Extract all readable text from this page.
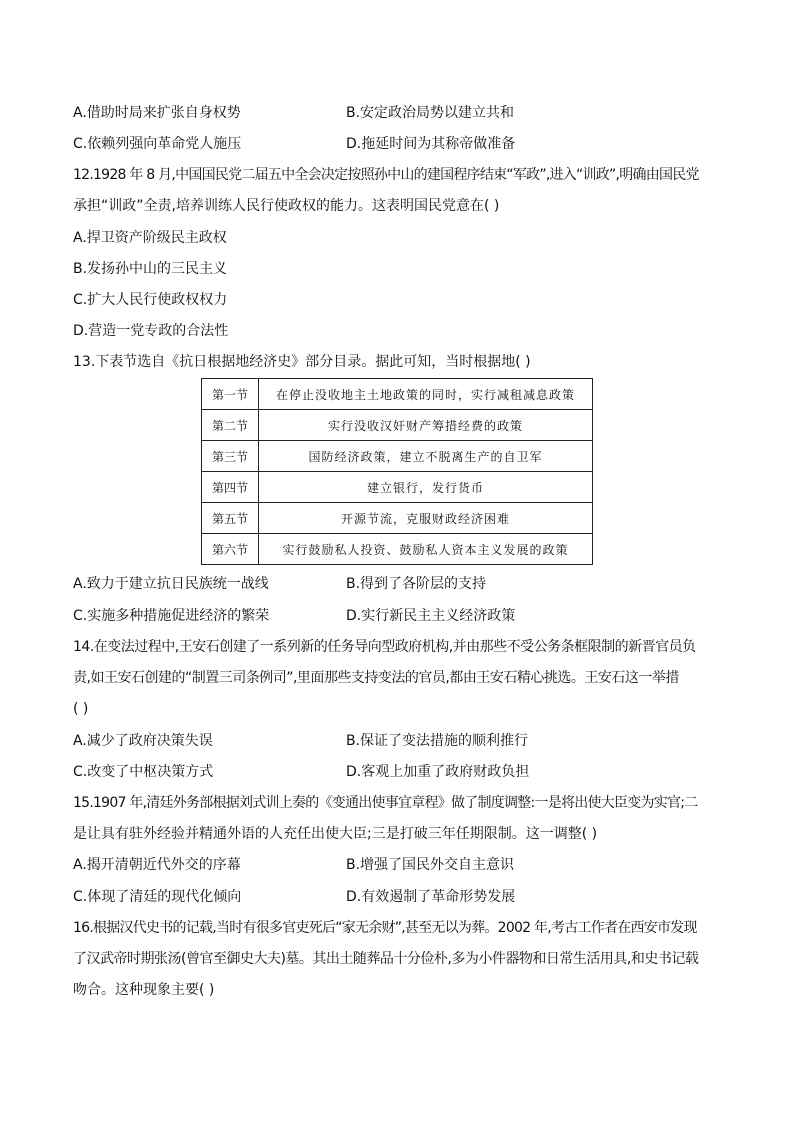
A.借助时局来扩张自身权势	B.安定政治局势以建立共和
C.依赖列强向革命党人施压	D.拖延时间为其称帝做准备
12.1928 年 8 月,中国国民党二届五中全会决定按照孙中山的建国程序结束“军政”,进入“训政”,明确由国民党
承担“训政”全责,培养训练人民行使政权的能力。这表明国民党意在( )
A.捍卫资产阶级民主政权
B.发扬孙中山的三民主义
C.扩大人民行使政权权力
D.营造一党专政的合法性
13.下表节选自《抗日根据地经济史》部分目录。据此可知，当时根据地( )
第一节	在停止没收地主土地政策的同时，实行减租减息政策
第二节	实行没收汉奸财产筹措经费的政策
第三节	国防经济政策，建立不脱离生产的自卫军
第四节	建立银行，发行货币
第五节	开源节流，克服财政经济困难
第六节	实行鼓励私人投资、鼓励私人资本主义发展的政策
A.致力于建立抗日民族统一战线	B.得到了各阶层的支持
C.实施多种措施促进经济的繁荣	D.实行新民主主义经济政策
14.在变法过程中,王安石创建了一系列新的任务导向型政府机构,并由那些不受公务条框限制的新晋官员负
责,如王安石创建的“制置三司条例司”,里面那些支持变法的官员,都由王安石精心挑选。王安石这一举措
( )
A.减少了政府决策失误	B.保证了变法措施的顺利推行
C.改变了中枢决策方式	D.客观上加重了政府财政负担
15.1907 年,清廷外务部根据刘式训上奏的《变通出使事宜章程》做了制度调整:一是将出使大臣变为实官;二
是让具有驻外经验并精通外语的人充任出使大臣;三是打破三年任期限制。这一调整( )
A.揭开清朝近代外交的序幕	B.增强了国民外交自主意识
C.体现了清廷的现代化倾向	D.有效遏制了革命形势发展
16.根据汉代史书的记载,当时有很多官吏死后“家无余财”,甚至无以为葬。2002 年,考古工作者在西安市发现
了汉武帝时期张汤(曾官至御史大夫)墓。其出土随葬品十分俭朴,多为小件器物和日常生活用具,和史书记载
吻合。这种现象主要( )
